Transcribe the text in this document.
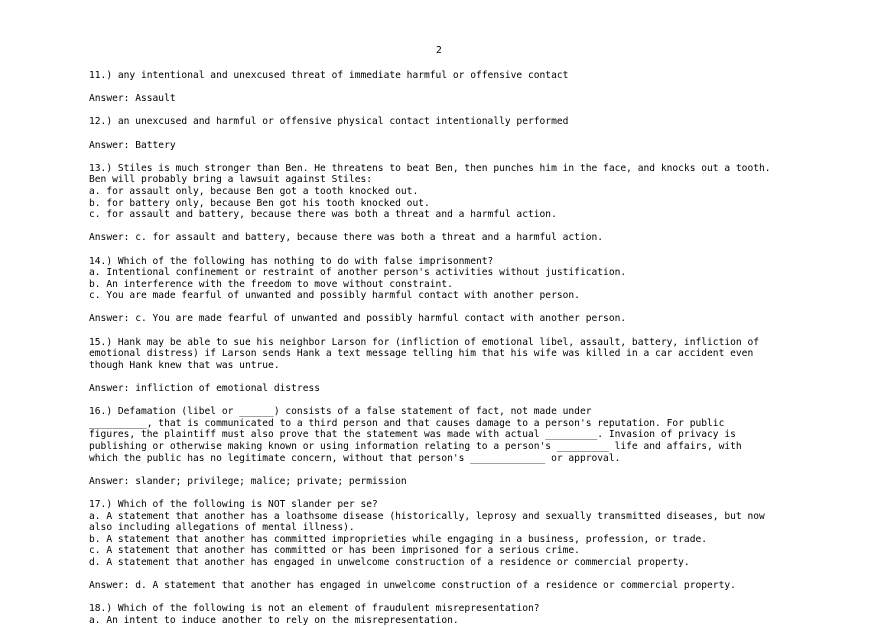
2
11.) any intentional and unexcused threat of immediate harmful or offensive contact
Answer: Assault
12.) an unexcused and harmful or offensive physical contact intentionally performed
Answer: Battery
13.) Stiles is much stronger than Ben. He threatens to beat Ben, then punches him in the face, and knocks out a tooth.
Ben will probably bring a lawsuit against Stiles:
a. for assault only, because Ben got a tooth knocked out.
b. for battery only, because Ben got his tooth knocked out.
c. for assault and battery, because there was both a threat and a harmful action.
Answer: c. for assault and battery, because there was both a threat and a harmful action.
14.) Which of the following has nothing to do with false imprisonment?
a. Intentional confinement or restraint of another person's activities without justification.
b. An interference with the freedom to move without constraint.
c. You are made fearful of unwanted and possibly harmful contact with another person.
Answer: c. You are made fearful of unwanted and possibly harmful contact with another person.
15.) Hank may be able to sue his neighbor Larson for (infliction of emotional libel, assault, battery, infliction of
emotional distress) if Larson sends Hank a text message telling him that his wife was killed in a car accident even
though Hank knew that was untrue.
Answer: infliction of emotional distress
16.) Defamation (libel or ______) consists of a false statement of fact, not made under
__________, that is communicated to a third person and that causes damage to a person's reputation. For public
figures, the plaintiff must also prove that the statement was made with actual _________. Invasion of privacy is
publishing or otherwise making known or using information relating to a person's _________ life and affairs, with
which the public has no legitimate concern, without that person's _____________ or approval.
Answer: slander; privilege; malice; private; permission
17.) Which of the following is NOT slander per se?
a. A statement that another has a loathsome disease (historically, leprosy and sexually transmitted diseases, but now
also including allegations of mental illness).
b. A statement that another has committed improprieties while engaging in a business, profession, or trade.
c. A statement that another has committed or has been imprisoned for a serious crime.
d. A statement that another has engaged in unwelcome construction of a residence or commercial property.
Answer: d. A statement that another has engaged in unwelcome construction of a residence or commercial property.
18.) Which of the following is not an element of fraudulent misrepresentation?
a. An intent to induce another to rely on the misrepresentation.
